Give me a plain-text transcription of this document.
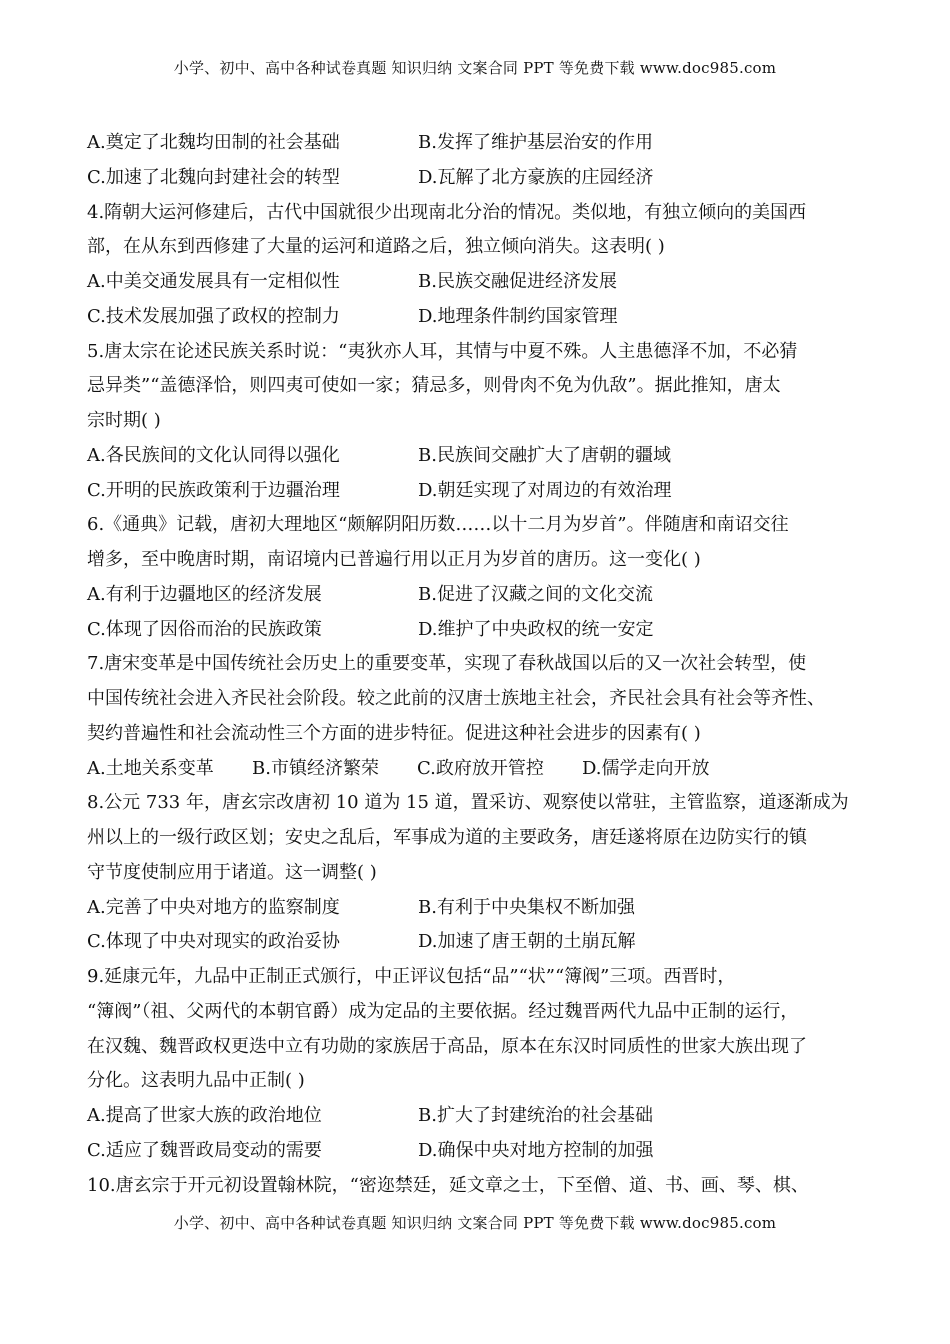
小学、初中、高中各种试卷真题 知识归纳 文案合同 PPT 等免费下载 www.doc985.com
A.奠定了北魏均田制的社会基础	B.发挥了维护基层治安的作用
C.加速了北魏向封建社会的转型	D.瓦解了北方豪族的庄园经济
4.隋朝大运河修建后，古代中国就很少出现南北分治的情况。类似地，有独立倾向的美国西
部，在从东到西修建了大量的运河和道路之后，独立倾向消失。这表明( )
A.中美交通发展具有一定相似性	B.民族交融促进经济发展
C.技术发展加强了政权的控制力	D.地理条件制约国家管理
5.唐太宗在论述民族关系时说：“夷狄亦人耳，其情与中夏不殊。人主患德泽不加，不必猜
忌异类”“盖德泽恰，则四夷可使如一家；猜忌多，则骨肉不免为仇敌”。据此推知，唐太
宗时期( )
A.各民族间的文化认同得以强化	B.民族间交融扩大了唐朝的疆域
C.开明的民族政策利于边疆治理	D.朝廷实现了对周边的有效治理
6.《通典》记载，唐初大理地区“颇解阴阳历数……以十二月为岁首”。伴随唐和南诏交往
增多，至中晚唐时期，南诏境内已普遍行用以正月为岁首的唐历。这一变化( )
A.有利于边疆地区的经济发展	B.促进了汉藏之间的文化交流
C.体现了因俗而治的民族政策	D.维护了中央政权的统一安定
7.唐宋变革是中国传统社会历史上的重要变革，实现了春秋战国以后的又一次社会转型，使
中国传统社会进入齐民社会阶段。较之此前的汉唐士族地主社会，齐民社会具有社会等齐性、
契约普遍性和社会流动性三个方面的进步特征。促进这种社会进步的因素有( )
A.土地关系变革	B.市镇经济繁荣	C.政府放开管控	D.儒学走向开放
8.公元 733 年，唐玄宗改唐初 10 道为 15 道，置采访、观察使以常驻，主管监察，道逐渐成为
州以上的一级行政区划；安史之乱后，军事成为道的主要政务，唐廷遂将原在边防实行的镇
守节度使制应用于诸道。这一调整( )
A.完善了中央对地方的监察制度	B.有利于中央集权不断加强
C.体现了中央对现实的政治妥协	D.加速了唐王朝的土崩瓦解
9.延康元年，九品中正制正式颁行，中正评议包括“品”“状”“簿阀”三项。西晋时，
“簿阀”（祖、父两代的本朝官爵）成为定品的主要依据。经过魏晋两代九品中正制的运行，
在汉魏、魏晋政权更迭中立有功勋的家族居于高品，原本在东汉时同质性的世家大族出现了
分化。这表明九品中正制( )
A.提高了世家大族的政治地位	B.扩大了封建统治的社会基础
C.适应了魏晋政局变动的需要	D.确保中央对地方控制的加强
10.唐玄宗于开元初设置翰林院，“密迩禁廷，延文章之士，下至僧、道、书、画、琴、棋、
小学、初中、高中各种试卷真题 知识归纳 文案合同 PPT 等免费下载 www.doc985.com
